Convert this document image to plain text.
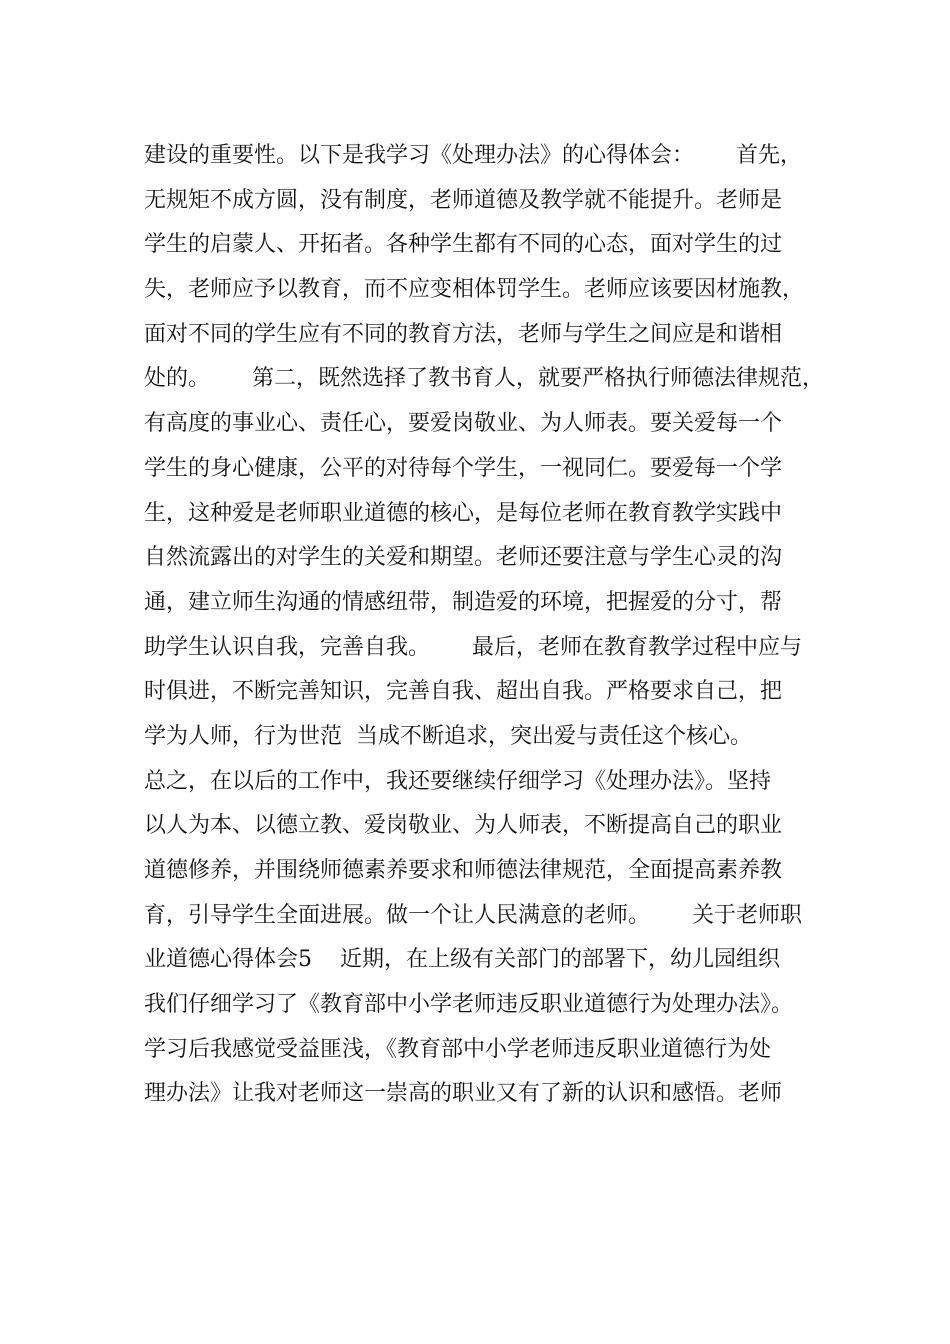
建设的重要性。以下是我学习《处理办法》的心得体会：      首先，
无规矩不成方圆，没有制度，老师道德及教学就不能提升。老师是
学生的启蒙人、开拓者。各种学生都有不同的心态，面对学生的过
失，老师应予以教育，而不应变相体罚学生。老师应该要因材施教，
面对不同的学生应有不同的教育方法，老师与学生之间应是和谐相
处的。      第二，既然选择了教书育人，就要严格执行师德法律规范，
有高度的事业心、责任心，要爱岗敬业、为人师表。要关爱每一个
学生的身心健康，公平的对待每个学生，一视同仁。要爱每一个学
生，这种爱是老师职业道德的核心，是每位老师在教育教学实践中
自然流露出的对学生的关爱和期望。老师还要注意与学生心灵的沟
通，建立师生沟通的情感纽带，制造爱的环境，把握爱的分寸，帮
助学生认识自我，完善自我。      最后，老师在教育教学过程中应与
时俱进，不断完善知识，完善自我、超出自我。严格要求自己，把
学为人师，行为世范  当成不断追求，突出爱与责任这个核心。
总之，在以后的工作中，我还要继续仔细学习《处理办法》。坚持
以人为本、以德立教、爱岗敬业、为人师表，不断提高自己的职业
道德修养，并围绕师德素养要求和师德法律规范，全面提高素养教
育，引导学生全面进展。做一个让人民满意的老师。      关于老师职
业道德心得体会5    近期，在上级有关部门的部署下，幼儿园组织
我们仔细学习了《教育部中小学老师违反职业道德行为处理办法》。
学习后我感觉受益匪浅，《教育部中小学老师违反职业道德行为处
理办法》让我对老师这一崇高的职业又有了新的认识和感悟。老师
